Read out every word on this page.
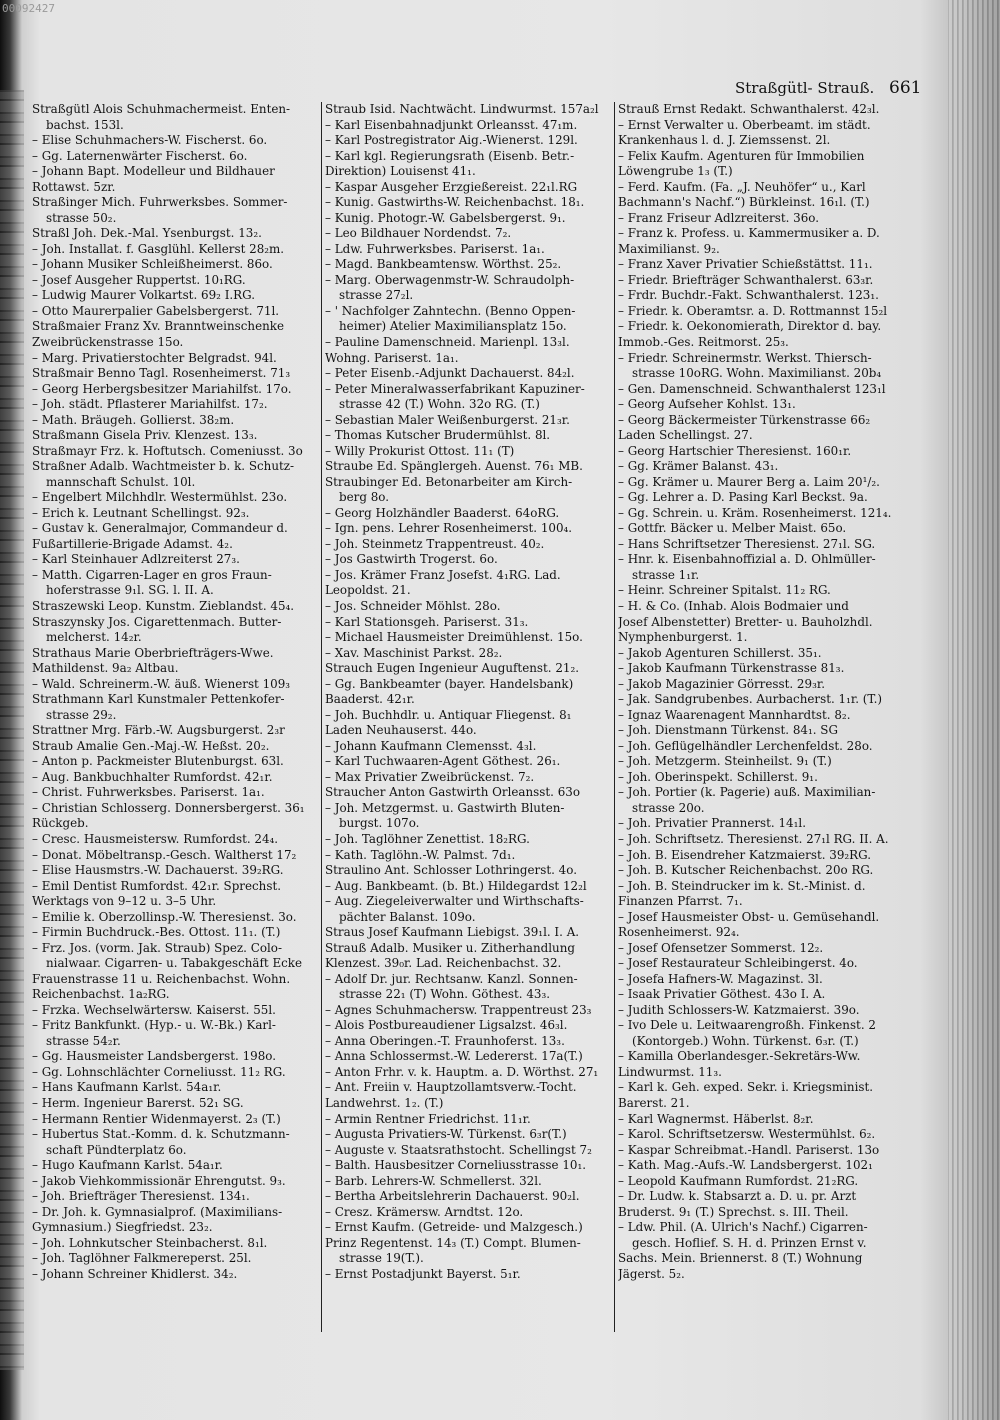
00092427
Straßgütl- Strauß. 661
Straßgütl Alois Schuhmachermeist. Enten-
bachst. 153l.
– Elise Schuhmachers-W. Fischerst. 6o.
– Gg. Laternenwärter Fischerst. 6o.
– Johann Bapt. Modelleur und Bildhauer
Rottawst. 5zr.
Straßinger Mich. Fuhrwerksbes. Sommer-
strasse 50₂.
Straßl Joh. Dek.-Mal. Ysenburgst. 13₂.
– Joh. Installat. f. Gasglühl. Kellerst 28₂m.
– Johann Musiker Schleißheimerst. 86o.
– Josef Ausgeher Ruppertst. 10₁RG.
– Ludwig Maurer Volkartst. 69₂ I.RG.
– Otto Maurerpalier Gabelsbergerst. 71l.
Straßmaier Franz Xv. Branntweinschenke
Zweibrückenstrasse 15o.
– Marg. Privatierstochter Belgradst. 94l.
Straßmair Benno Tagl. Rosenheimerst. 71₃
– Georg Herbergsbesitzer Mariahilfst. 17o.
– Joh. städt. Pflasterer Mariahilfst. 17₂.
– Math. Bräugeh. Gollierst. 38₂m.
Straßmann Gisela Priv. Klenzest. 13₃.
Straßmayr Frz. k. Hoftutsch. Comeniusst. 3o
Straßner Adalb. Wachtmeister b. k. Schutz-
mannschaft Schulst. 10l.
– Engelbert Milchhdlr. Westermühlst. 23o.
– Erich k. Leutnant Schellingst. 92₃.
– Gustav k. Generalmajor, Commandeur d.
Fußartillerie-Brigade Adamst. 4₂.
– Karl Steinhauer Adlzreiterst 27₃.
– Matth. Cigarren-Lager en gros Fraun-
hoferstrasse 9₁l. SG. l. II. A.
Straszewski Leop. Kunstm. Zieblandst. 45₄.
Straszynsky Jos. Cigarettenmach. Butter-
melcherst. 14₂r.
Strathaus Marie Oberbriefträgers-Wwe.
Mathildenst. 9a₂ Altbau.
– Wald. Schreinerm.-W. äuß. Wienerst 109₃
Strathmann Karl Kunstmaler Pettenkofer-
strasse 29₂.
Strattner Mrg. Färb.-W. Augsburgerst. 2₃r
Straub Amalie Gen.-Maj.-W. Heßst. 20₂.
– Anton p. Packmeister Blutenburgst. 63l.
– Aug. Bankbuchhalter Rumfordst. 42₁r.
– Christ. Fuhrwerksbes. Pariserst. 1a₁.
– Christian Schlosserg. Donnersbergerst. 36₁
Rückgeb.
– Cresc. Hausmeistersw. Rumfordst. 24₄.
– Donat. Möbeltransp.-Gesch. Waltherst 17₂
– Elise Hausmstrs.-W. Dachauerst. 39₂RG.
– Emil Dentist Rumfordst. 42₁r. Sprechst.
Werktags von 9–12 u. 3–5 Uhr.
– Emilie k. Oberzollinsp.-W. Theresienst. 3o.
– Firmin Buchdruck.-Bes. Ottost. 11₁. (T.)
– Frz. Jos. (vorm. Jak. Straub) Spez. Colo-
nialwaar. Cigarren- u. Tabakgeschäft Ecke
Frauenstrasse 11 u. Reichenbachst. Wohn.
Reichenbachst. 1a₂RG.
– Frzka. Wechselwärtersw. Kaiserst. 55l.
– Fritz Bankfunkt. (Hyp.- u. W.-Bk.) Karl-
strasse 54₂r.
– Gg. Hausmeister Landsbergerst. 198o.
– Gg. Lohnschlächter Corneliusst. 11₂ RG.
– Hans Kaufmann Karlst. 54a₁r.
– Herm. Ingenieur Barerst. 52₁ SG.
– Hermann Rentier Widenmayerst. 2₃ (T.)
– Hubertus Stat.-Komm. d. k. Schutzmann-
schaft Pündterplatz 6o.
– Hugo Kaufmann Karlst. 54a₁r.
– Jakob Viehkommissionär Ehrengutst. 9₃.
– Joh. Briefträger Theresienst. 134₁.
– Dr. Joh. k. Gymnasialprof. (Maximilians-
Gymnasium.) Siegfriedst. 23₂.
– Joh. Lohnkutscher Steinbacherst. 8₁l.
– Joh. Taglöhner Falkmereperst. 25l.
– Johann Schreiner Khidlerst. 34₂.
Straub Isid. Nachtwächt. Lindwurmst. 157a₂l
– Karl Eisenbahnadjunkt Orleansst. 47₁m.
– Karl Postregistrator Aig.-Wienerst. 129l.
– Karl kgl. Regierungsrath (Eisenb. Betr.-
Direktion) Louisenst 41₁.
– Kaspar Ausgeher Erzgießereist. 22₁l.RG
– Kunig. Gastwirths-W. Reichenbachst. 18₁.
– Kunig. Photogr.-W. Gabelsbergerst. 9₁.
– Leo Bildhauer Nordendst. 7₂.
– Ldw. Fuhrwerksbes. Pariserst. 1a₁.
– Magd. Bankbeamtensw. Wörthst. 25₂.
– Marg. Oberwagenmstr-W. Schraudolph-
strasse 27₂l.
– ' Nachfolger Zahntechn. (Benno Oppen-
heimer) Atelier Maximiliansplatz 15o.
– Pauline Damenschneid. Marienpl. 13₃l.
Wohng. Pariserst. 1a₁.
– Peter Eisenb.-Adjunkt Dachauerst. 84₂l.
– Peter Mineralwasserfabrikant Kapuziner-
strasse 42 (T.) Wohn. 32o RG. (T.)
– Sebastian Maler Weißenburgerst. 21₃r.
– Thomas Kutscher Brudermühlst. 8l.
– Willy Prokurist Ottost. 11₁ (T)
Straube Ed. Spänglergeh. Auenst. 76₁ MB.
Straubinger Ed. Betonarbeiter am Kirch-
berg 8o.
– Georg Holzhändler Baaderst. 64oRG.
– Ign. pens. Lehrer Rosenheimerst. 100₄.
– Joh. Steinmetz Trappentreust. 40₂.
– Jos Gastwirth Trogerst. 6o.
– Jos. Krämer Franz Josefst. 4₁RG. Lad.
Leopoldst. 21.
– Jos. Schneider Möhlst. 28o.
– Karl Stationsgeh. Pariserst. 31₃.
– Michael Hausmeister Dreimühlenst. 15o.
– Xav. Maschinist Parkst. 28₂.
Strauch Eugen Ingenieur Auguftenst. 21₂.
– Gg. Bankbeamter (bayer. Handelsbank)
Baaderst. 42₁r.
– Joh. Buchhdlr. u. Antiquar Fliegenst. 8₁
Laden Neuhauserst. 44o.
– Johann Kaufmann Clemensst. 4₃l.
– Karl Tuchwaaren-Agent Göthest. 26₁.
– Max Privatier Zweibrückenst. 7₂.
Straucher Anton Gastwirth Orleansst. 63o
– Joh. Metzgermst. u. Gastwirth Bluten-
burgst. 107o.
– Joh. Taglöhner Zenettist. 18₂RG.
– Kath. Taglöhn.-W. Palmst. 7d₁.
Straulino Ant. Schlosser Lothringerst. 4o.
– Aug. Bankbeamt. (b. Bt.) Hildegardst 12₂l
– Aug. Ziegeleiverwalter und Wirthschafts-
pächter Balanst. 109o.
Straus Josef Kaufmann Liebigst. 39₁l. I. A.
Strauß Adalb. Musiker u. Zitherhandlung
Klenzest. 39₀r. Lad. Reichenbachst. 32.
– Adolf Dr. jur. Rechtsanw. Kanzl. Sonnen-
strasse 22₁ (T) Wohn. Göthest. 43₃.
– Agnes Schuhmachersw. Trappentreust 23₃
– Alois Postbureaudiener Ligsalzst. 46₃l.
– Anna Oberingen.-T. Fraunhoferst. 13₃.
– Anna Schlossermst.-W. Ledererst. 17a(T.)
– Anton Frhr. v. k. Hauptm. a. D. Wörthst. 27₁
– Ant. Freiin v. Hauptzollamtsverw.-Tocht.
Landwehrst. 1₂. (T.)
– Armin Rentner Friedrichst. 11₁r.
– Augusta Privatiers-W. Türkenst. 6₃r(T.)
– Auguste v. Staatsrathstocht. Schellingst 7₂
– Balth. Hausbesitzer Corneliusstrasse 10₁.
– Barb. Lehrers-W. Schmellerst. 32l.
– Bertha Arbeitslehrerin Dachauerst. 90₂l.
– Cresz. Krämersw. Arndtst. 12o.
– Ernst Kaufm. (Getreide- und Malzgesch.)
Prinz Regentenst. 14₃ (T.) Compt. Blumen-
strasse 19(T.).
– Ernst Postadjunkt Bayerst. 5₁r.
Strauß Ernst Redakt. Schwanthalerst. 42₃l.
– Ernst Verwalter u. Oberbeamt. im städt.
Krankenhaus l. d. J. Ziemssenst. 2l.
– Felix Kaufm. Agenturen für Immobilien
Löwengrube 1₃ (T.)
– Ferd. Kaufm. (Fa. „J. Neuhöfer“ u., Karl
Bachmann's Nachf.“) Bürkleinst. 16₁l. (T.)
– Franz Friseur Adlzreiterst. 36o.
– Franz k. Profess. u. Kammermusiker a. D.
Maximilianst. 9₂.
– Franz Xaver Privatier Schießstättst. 11₁.
– Friedr. Briefträger Schwanthalerst. 63₃r.
– Frdr. Buchdr.-Fakt. Schwanthalerst. 123₁.
– Friedr. k. Oberamtsr. a. D. Rottmannst 15₂l
– Friedr. k. Oekonomierath, Direktor d. bay.
Immob.-Ges. Reitmorst. 25₃.
– Friedr. Schreinermstr. Werkst. Thiersch-
strasse 10oRG. Wohn. Maximilianst. 20b₄
– Gen. Damenschneid. Schwanthalerst 123₁l
– Georg Aufseher Kohlst. 13₁.
– Georg Bäckermeister Türkenstrasse 66₂
Laden Schellingst. 27.
– Georg Hartschier Theresienst. 160₁r.
– Gg. Krämer Balanst. 43₁.
– Gg. Krämer u. Maurer Berg a. Laim 20¹/₂.
– Gg. Lehrer a. D. Pasing Karl Beckst. 9a.
– Gg. Schrein. u. Kräm. Rosenheimerst. 121₄.
– Gottfr. Bäcker u. Melber Maist. 65o.
– Hans Schriftsetzer Theresienst. 27₁l. SG.
– Hnr. k. Eisenbahnoffizial a. D. Ohlmüller-
strasse 1₁r.
– Heinr. Schreiner Spitalst. 11₂ RG.
– H. & Co. (Inhab. Alois Bodmaier und
Josef Albenstetter) Bretter- u. Bauholzhdl.
Nymphenburgerst. 1.
– Jakob Agenturen Schillerst. 35₁.
– Jakob Kaufmann Türkenstrasse 81₃.
– Jakob Magazinier Görresst. 29₃r.
– Jak. Sandgrubenbes. Aurbacherst. 1₁r. (T.)
– Ignaz Waarenagent Mannhardtst. 8₂.
– Joh. Dienstmann Türkenst. 84₁. SG
– Joh. Geflügelhändler Lerchenfeldst. 28o.
– Joh. Metzgerm. Steinheilst. 9₁ (T.)
– Joh. Oberinspekt. Schillerst. 9₁.
– Joh. Portier (k. Pagerie) auß. Maximilian-
strasse 20o.
– Joh. Privatier Prannerst. 14₁l.
– Joh. Schriftsetz. Theresienst. 27₁l RG. II. A.
– Joh. B. Eisendreher Katzmaierst. 39₂RG.
– Joh. B. Kutscher Reichenbachst. 20o RG.
– Joh. B. Steindrucker im k. St.-Minist. d.
Finanzen Pfarrst. 7₁.
– Josef Hausmeister Obst- u. Gemüsehandl.
Rosenheimerst. 92₄.
– Josef Ofensetzer Sommerst. 12₂.
– Josef Restaurateur Schleibingerst. 4o.
– Josefa Hafners-W. Magazinst. 3l.
– Isaak Privatier Göthest. 43o I. A.
– Judith Schlossers-W. Katzmaierst. 39o.
– Ivo Dele u. Leitwaarengroßh. Finkenst. 2
(Kontorgeb.) Wohn. Türkenst. 6₃r. (T.)
– Kamilla Oberlandesger.-Sekretärs-Ww.
Lindwurmst. 11₃.
– Karl k. Geh. exped. Sekr. i. Kriegsminist.
Barerst. 21.
– Karl Wagnermst. Häberlst. 8₂r.
– Karol. Schriftsetzersw. Westermühlst. 6₂.
– Kaspar Schreibmat.-Handl. Pariserst. 13o
– Kath. Mag.-Aufs.-W. Landsbergerst. 102₁
– Leopold Kaufmann Rumfordst. 21₂RG.
– Dr. Ludw. k. Stabsarzt a. D. u. pr. Arzt
Bruderst. 9₁ (T.) Sprechst. s. III. Theil.
– Ldw. Phil. (A. Ulrich's Nachf.) Cigarren-
gesch. Hoflief. S. H. d. Prinzen Ernst v.
Sachs. Mein. Briennerst. 8 (T.) Wohnung
Jägerst. 5₂.
